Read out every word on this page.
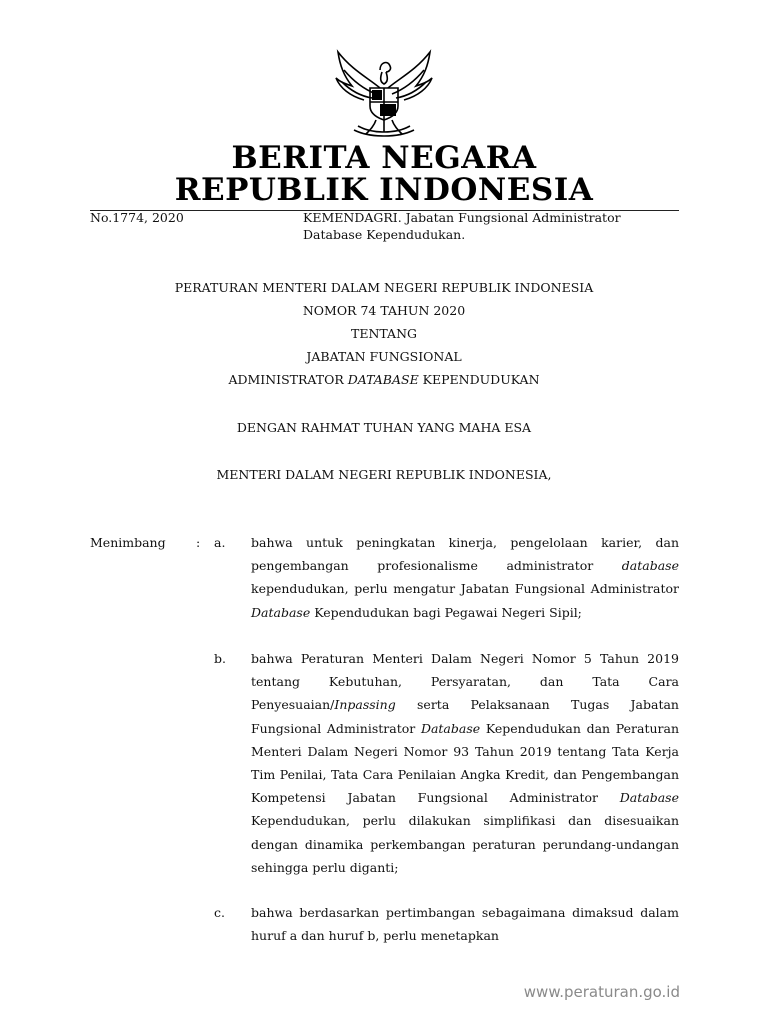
BERITA NEGARA
REPUBLIK INDONESIA
No.1774, 2020	KEMENDAGRI. Jabatan Fungsional Administrator Database Kependudukan.
PERATURAN MENTERI DALAM NEGERI REPUBLIK INDONESIA
NOMOR 74 TAHUN 2020
TENTANG
JABATAN FUNGSIONAL
ADMINISTRATOR DATABASE KEPENDUDUKAN
DENGAN RAHMAT TUHAN YANG MAHA ESA
MENTERI DALAM NEGERI REPUBLIK INDONESIA,
Menimbang : a. bahwa untuk peningkatan kinerja, pengelolaan karier, dan pengembangan profesionalisme administrator database kependudukan, perlu mengatur Jabatan Fungsional Administrator Database Kependudukan bagi Pegawai Negeri Sipil;
b. bahwa Peraturan Menteri Dalam Negeri Nomor 5 Tahun 2019 tentang Kebutuhan, Persyaratan, dan Tata Cara Penyesuaian/Inpassing serta Pelaksanaan Tugas Jabatan Fungsional Administrator Database Kependudukan dan Peraturan Menteri Dalam Negeri Nomor 93 Tahun 2019 tentang Tata Kerja Tim Penilai, Tata Cara Penilaian Angka Kredit, dan Pengembangan Kompetensi Jabatan Fungsional Administrator Database Kependudukan, perlu dilakukan simplifikasi dan disesuaikan dengan dinamika perkembangan peraturan perundang-undangan sehingga perlu diganti;
c. bahwa berdasarkan pertimbangan sebagaimana dimaksud dalam huruf a dan huruf b, perlu menetapkan
www.peraturan.go.id
